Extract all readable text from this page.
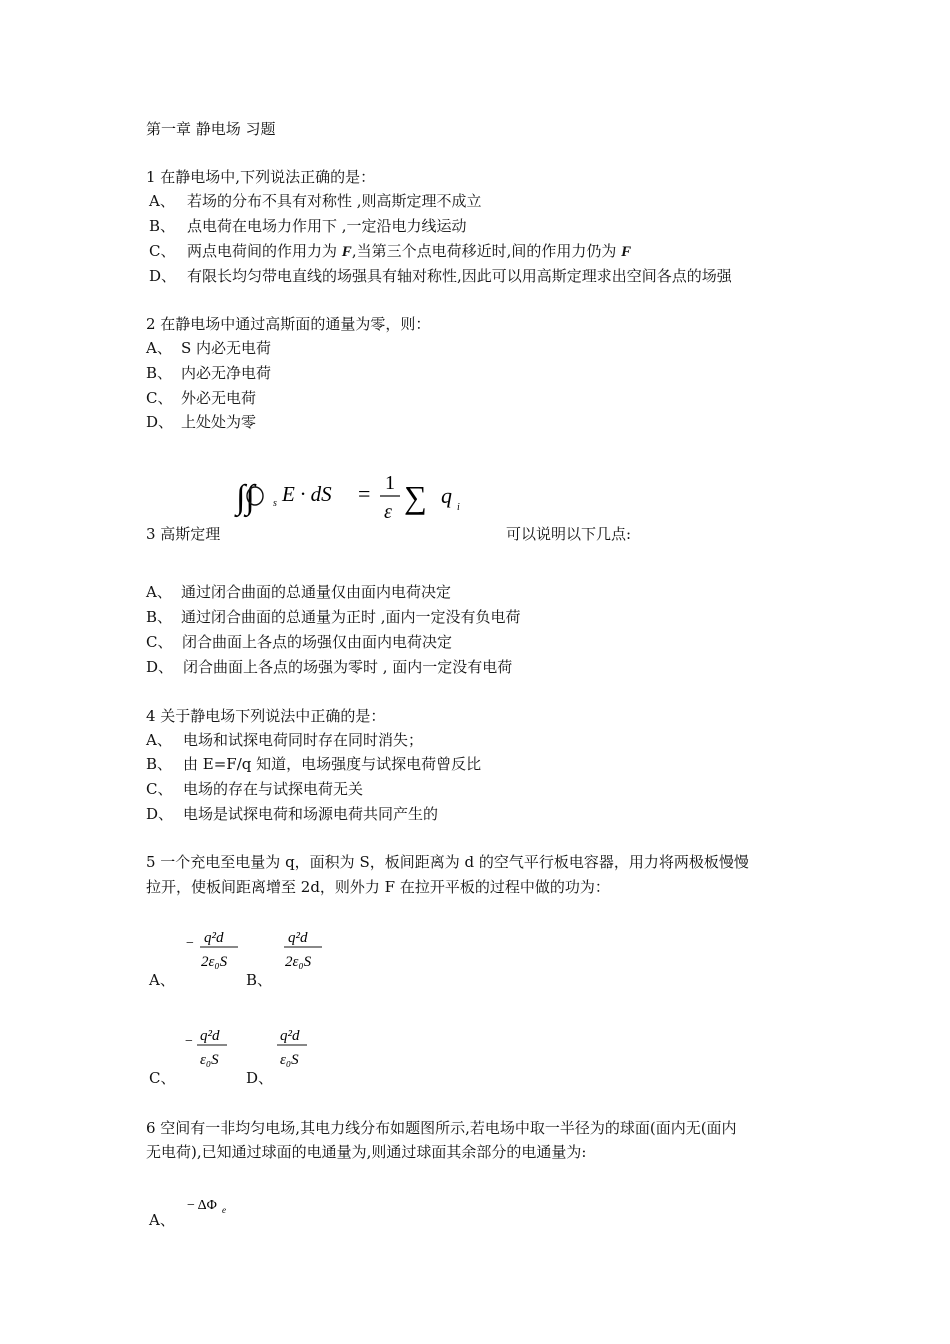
第一章 静电场 习题
1 在静电场中,下列说法正确的是：
A、 若场的分布不具有对称性 ,则高斯定理不成立
B、 点电荷在电场力作用下 ,一定沿电力线运动
C、 两点电荷间的作用力为 F,当第三个点电荷移近时,间的作用力仍为 F
D、 有限长均匀带电直线的场强具有轴对称性,因此可以用高斯定理求出空间各点的场强
2 在静电场中通过高斯面的通量为零，则：
A、 S 内必无电荷
B、 内必无净电荷
C、 外必无电荷
D、 上处处为零
∫∫ s E · dS = 1
ε ∑ q i
3 高斯定理	可以说明以下几点:
A、 通过闭合曲面的总通量仅由面内电荷决定
B、 通过闭合曲面的总通量为正时 ,面内一定没有负电荷
C、 闭合曲面上各点的场强仅由面内电荷决定
D、 闭合曲面上各点的场强为零时 , 面内一定没有电荷
4 关于静电场下列说法中正确的是：
A、 电场和试探电荷同时存在同时消失；
B、 由 E=F/q 知道，电场强度与试探电荷曾反比
C、 电场的存在与试探电荷无关
D、 电场是试探电荷和场源电荷共同产生的
5 一个充电至电量为 q，面积为 S，板间距离为 d 的空气平行板电容器，用力将两极板慢慢
拉开，使板间距离增至 2d，则外力 F 在拉开平板的过程中做的功为：
A、
− q²d
2ε₀S
B、
q²d
2ε₀S
C、
− q²d
ε₀S
D、
q²d
ε₀S
6 空间有一非均匀电场,其电力线分布如题图所示,若电场中取一半径为的球面(面内无(面内
无电荷),已知通过球面的电通量为,则通过球面其余部分的电通量为:
A、
− ΔΦ e
